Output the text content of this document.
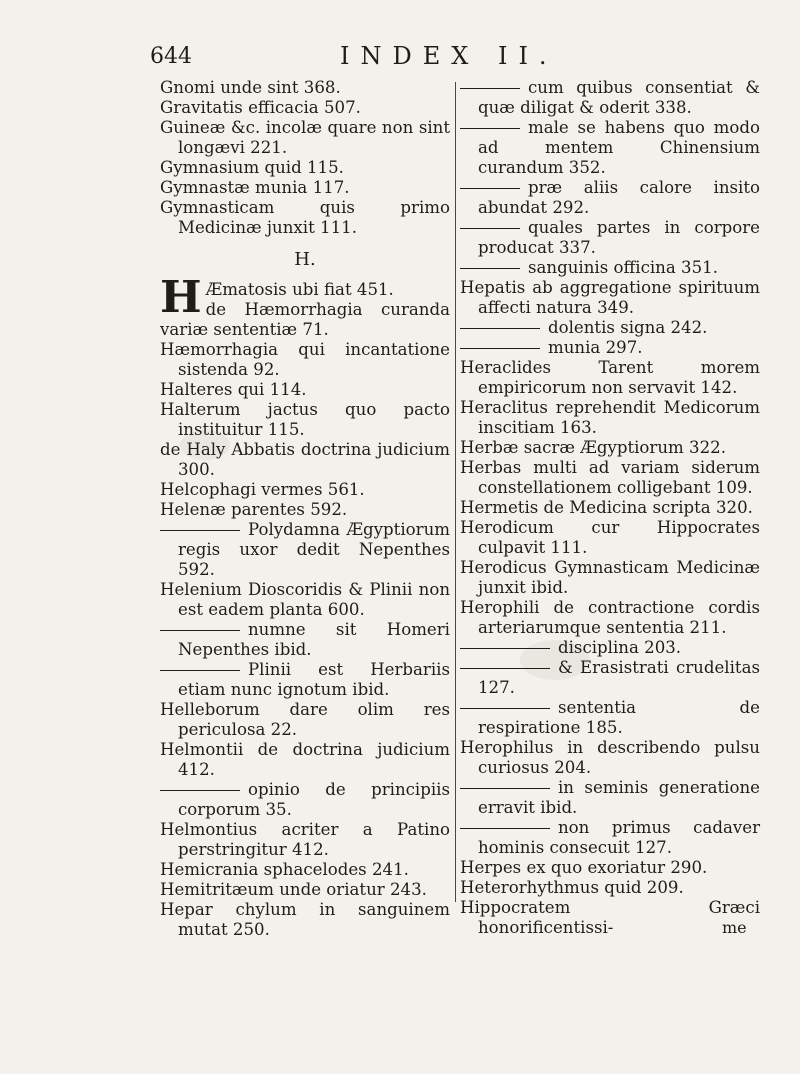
644	INDEX II.
Gnomi unde sint 368.
Gravitatis efficacia 507.
Guineæ &c. incolæ quare non sint longævi 221.
Gymnasium quid 115.
Gymnastæ munia 117.
Gymnasticam quis primo Medicinæ junxit 111.
H.
H Æmatosis ubi fiat 451.
de Hæmorrhagia curanda variæ sententiæ 71.
Hæmorrhagia qui incantatione sistenda 92.
Halteres qui 114.
Halterum jactus quo pacto instituitur 115.
de Haly Abbatis doctrina judicium 300.
Helcophagi vermes 561.
Helenæ parentes 592.
Polydamna Ægyptiorum regis uxor dedit Nepenthes 592.
Helenium Dioscoridis & Plinii non est eadem planta 600.
numne sit Homeri Nepenthes ibid.
Plinii est Herbariis etiam nunc ignotum ibid.
Helleborum dare olim res periculosa 22.
Helmontii de doctrina judicium 412.
opinio de principiis corporum 35.
Helmontius acriter a Patino perstringitur 412.
Hemicrania sphacelodes 241.
Hemitritæum unde oriatur 243.
Hepar chylum in sanguinem mutat 250.
cum quibus consentiat & quæ diligat & oderit 338.
male se habens quo modo ad mentem Chinensium curandum 352.
præ aliis calore insito abundat 292.
quales partes in corpore producat 337.
sanguinis officina 351.
Hepatis ab aggregatione spirituum affecti natura 349.
dolentis signa 242.
munia 297.
Heraclides Tarent morem empiricorum non servavit 142.
Heraclitus reprehendit Medicorum inscitiam 163.
Herbæ sacræ Ægyptiorum 322.
Herbas multi ad variam siderum constellationem colligebant 109.
Hermetis de Medicina scripta 320.
Herodicum cur Hippocrates culpavit 111.
Herodicus Gymnasticam Medicinæ junxit ibid.
Herophili de contractione cordis arteriarumque sententia 211.
disciplina 203.
& Erasistrati crudelitas 127.
sententia de respiratione 185.
Herophilus in describendo pulsu curiosus 204.
in seminis generatione erravit ibid.
non primus cadaver hominis consecuit 127.
Herpes ex quo exoriatur 290.
Heterorhythmus quid 209.
Hippocratem Græci honorificentissi-	me
